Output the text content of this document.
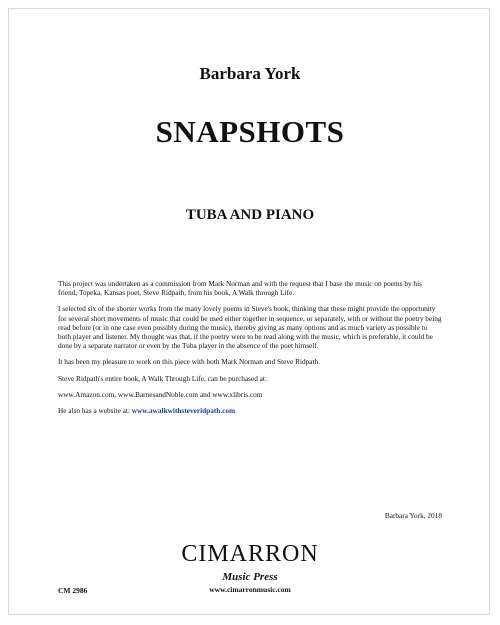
Barbara York
SNAPSHOTS
TUBA AND PIANO

This project was undertaken as a commission from Mark Norman and with the request that I base the music on poems by his friend, Topeka, Kansas poet, Steve Ridpath, from his book, A Walk through Life.

I selected six of the shorter works from the many lovely poems in Steve's book, thinking that these might provide the opportunity for several short movements of music that could be used either together in sequence, or separately, with or without the poetry being read before (or in one case even possibly during the music), thereby giving as many options and as much variety as possible to both player and listener. My thought was that, if the poetry were to be read along with the music, which is preferable, it could be done by a separate narrator or even by the Tuba player in the absence of the poet himself.

It has been my pleasure to work on this piece with both Mark Norman and Steve Ridpath.

Steve Ridpath's entire book, A Walk Through Life, can be purchased at:

www.Amazon.com, www.BarnesandNoble.com and www.xlibris.com

He also has a website at: www.awalkwithsteveridpath.com

Barbara York, 2018
CIMARRON
Music Press
www.cimarronmusic.com
CM 2986
